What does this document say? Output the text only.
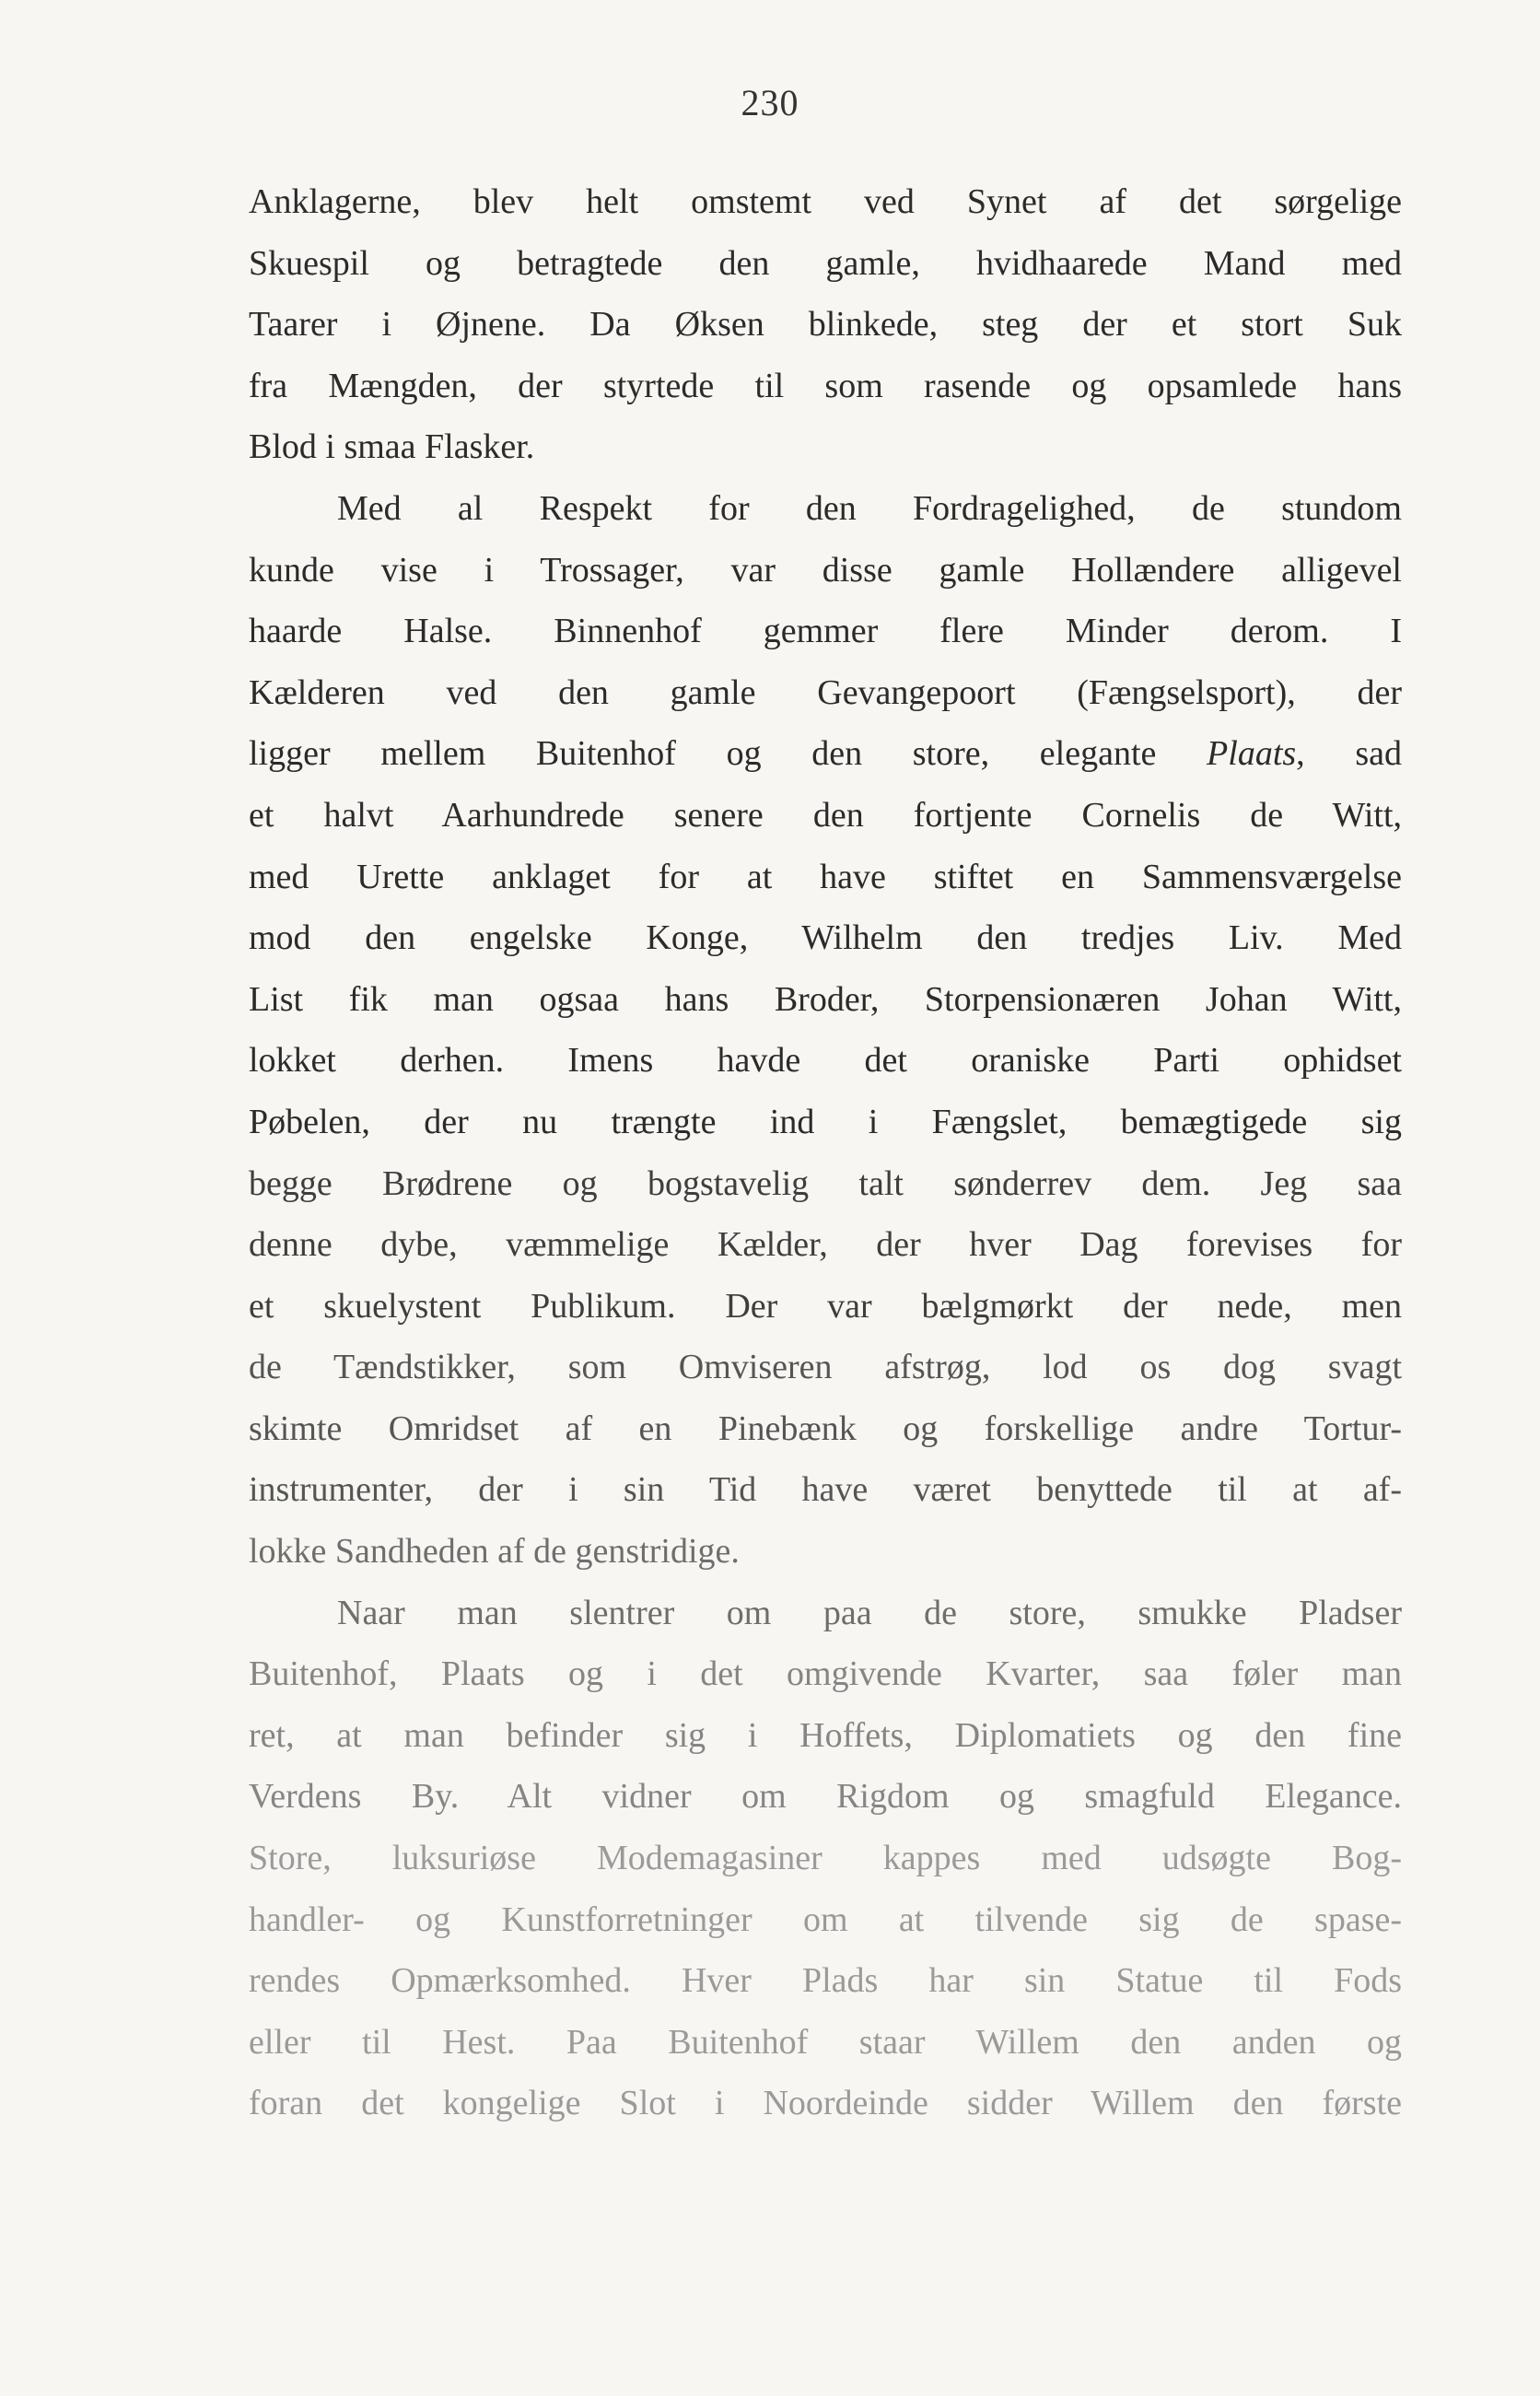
230
Anklagerne, blev helt omstemt ved Synet af det sørgelige
Skuespil og betragtede den gamle, hvidhaarede Mand med
Taarer i Øjnene. Da Øksen blinkede, steg der et stort Suk
fra Mængden, der styrtede til som rasende og opsamlede hans
Blod i smaa Flasker.
Med al Respekt for den Fordragelighed, de stundom
kunde vise i Trossager, var disse gamle Hollændere alligevel
haarde Halse. Binnenhof gemmer flere Minder derom. I
Kælderen ved den gamle Gevangepoort (Fængselsport), der
ligger mellem Buitenhof og den store, elegante Plaats, sad
et halvt Aarhundrede senere den fortjente Cornelis de Witt,
med Urette anklaget for at have stiftet en Sammensværgelse
mod den engelske Konge, Wilhelm den tredjes Liv. Med
List fik man ogsaa hans Broder, Storpensionæren Johan Witt,
lokket derhen. Imens havde det oraniske Parti ophidset
Pøbelen, der nu trængte ind i Fængslet, bemægtigede sig
begge Brødrene og bogstavelig talt sønderrev dem. Jeg saa
denne dybe, væmmelige Kælder, der hver Dag forevises for
et skuelystent Publikum. Der var bælgmørkt der nede, men
de Tændstikker, som Omviseren afstrøg, lod os dog svagt
skimte Omridset af en Pinebænk og forskellige andre Tortur-
instrumenter, der i sin Tid have været benyttede til at af-
lokke Sandheden af de genstridige.
Naar man slentrer om paa de store, smukke Pladser
Buitenhof, Plaats og i det omgivende Kvarter, saa føler man
ret, at man befinder sig i Hoffets, Diplomatiets og den fine
Verdens By. Alt vidner om Rigdom og smagfuld Elegance.
Store, luksuriøse Modemagasiner kappes med udsøgte Bog-
handler- og Kunstforretninger om at tilvende sig de spase-
rendes Opmærksomhed. Hver Plads har sin Statue til Fods
eller til Hest. Paa Buitenhof staar Willem den anden og
foran det kongelige Slot i Noordeinde sidder Willem den første
